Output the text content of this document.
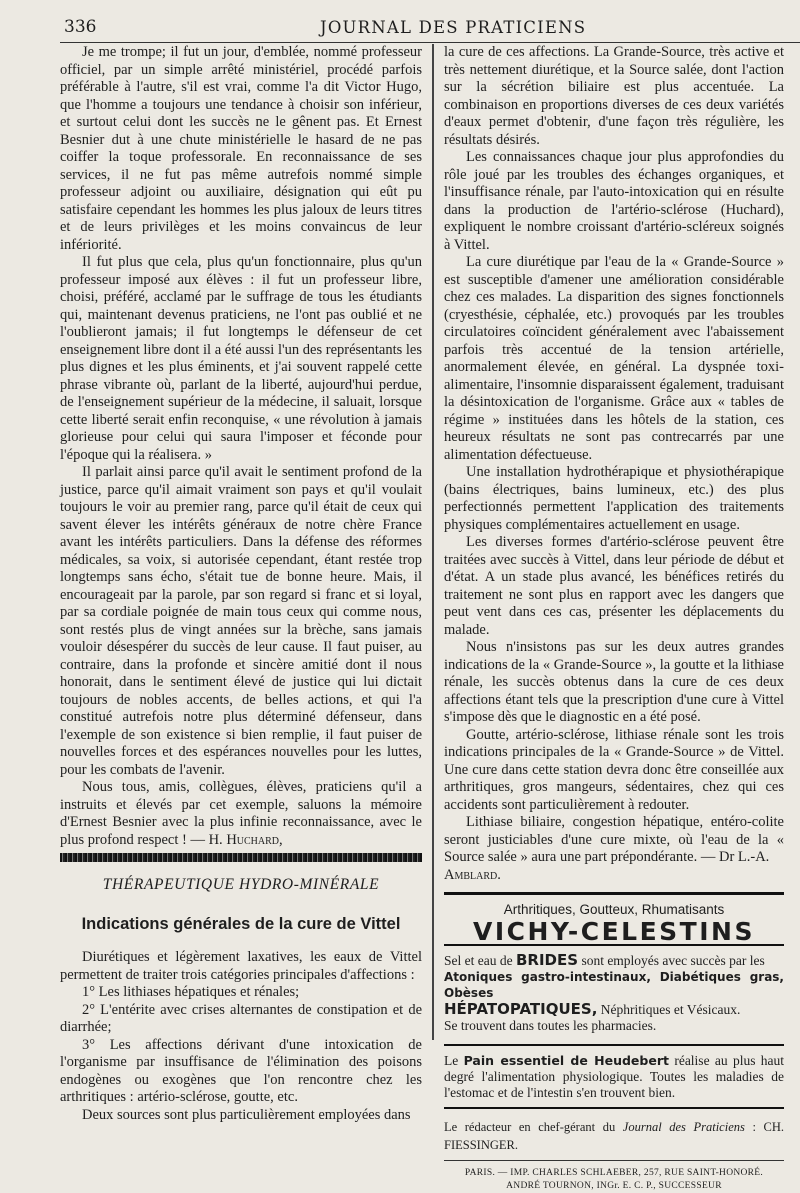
336	JOURNAL DES PRATICIENS

Je me trompe; il fut un jour, d'emblée, nommé professeur officiel, par un simple arrêté ministériel, procédé parfois préférable à l'autre, s'il est vrai, comme l'a dit Victor Hugo, que l'homme a toujours une tendance à choisir son inférieur, et surtout celui dont les succès ne le gênent pas. Et Ernest Besnier dut à une chute ministérielle le hasard de ne pas coiffer la toque professorale. En reconnaissance de ses services, il ne fut pas même autrefois nommé simple professeur adjoint ou auxiliaire, désignation qui eût pu satisfaire cependant les hommes les plus jaloux de leurs titres et de leurs privilèges et les moins convaincus de leur infériorité.

Il fut plus que cela, plus qu'un fonctionnaire, plus qu'un professeur imposé aux élèves : il fut un professeur libre, choisi, préféré, acclamé par le suffrage de tous les étudiants qui, maintenant devenus praticiens, ne l'ont pas oublié et ne l'oublieront jamais; il fut longtemps le défenseur de cet enseignement libre dont il a été aussi l'un des représentants les plus dignes et les plus éminents, et j'ai souvent rappelé cette phrase vibrante où, parlant de la liberté, aujourd'hui perdue, de l'enseignement supérieur de la médecine, il saluait, lorsque cette liberté serait enfin reconquise, « une révolution à jamais glorieuse pour celui qui saura l'imposer et féconde pour l'époque qui la réalisera. »

Il parlait ainsi parce qu'il avait le sentiment profond de la justice, parce qu'il aimait vraiment son pays et qu'il voulait toujours le voir au premier rang, parce qu'il était de ceux qui savent élever les intérêts généraux de notre chère France avant les intérêts particuliers. Dans la défense des réformes médicales, sa voix, si autorisée cependant, étant restée trop longtemps sans écho, s'était tue de bonne heure. Mais, il encourageait par la parole, par son regard si franc et si loyal, par sa cordiale poignée de main tous ceux qui comme nous, sont restés plus de vingt années sur la brèche, sans jamais vouloir désespérer du succès de leur cause. Il faut puiser, au contraire, dans la profonde et sincère amitié dont il nous honorait, dans le sentiment élevé de justice qui lui dictait toujours de nobles accents, de belles actions, et qui l'a constitué autrefois notre plus déterminé défenseur, dans l'exemple de son existence si bien remplie, il faut puiser de nouvelles forces et des espérances nouvelles pour les luttes, pour les combats de l'avenir.

Nous tous, amis, collègues, élèves, praticiens qu'il a instruits et élevés par cet exemple, saluons la mémoire d'Ernest Besnier avec la plus infinie reconnaissance, avec le plus profond respect ! — H. Huchard,

THÉRAPEUTIQUE HYDRO-MINÉRALE
Indications générales de la cure de Vittel

Diurétiques et légèrement laxatives, les eaux de Vittel permettent de traiter trois catégories principales d'affections :

1° Les lithiases hépatiques et rénales;

2° L'entérite avec crises alternantes de constipation et de diarrhée;

3° Les affections dérivant d'une intoxication de l'organisme par insuffisance de l'élimination des poisons endogènes ou exogènes que l'on rencontre chez les arthritiques : artério-sclérose, goutte, etc.

Deux sources sont plus particulièrement employées dans

la cure de ces affections. La Grande-Source, très active et très nettement diurétique, et la Source salée, dont l'action sur la sécrétion biliaire est plus accentuée. La combinaison en proportions diverses de ces deux variétés d'eaux permet d'obtenir, d'une façon très régulière, les résultats désirés.

Les connaissances chaque jour plus approfondies du rôle joué par les troubles des échanges organiques, et l'insuffisance rénale, par l'auto-intoxication qui en résulte dans la production de l'artério-sclérose (Huchard), expliquent le nombre croissant d'artério-scléreux soignés à Vittel.

La cure diurétique par l'eau de la « Grande-Source » est susceptible d'amener une amélioration considérable chez ces malades. La disparition des signes fonctionnels (cryesthésie, céphalée, etc.) provoqués par les troubles circulatoires coïncident généralement avec l'abaissement parfois très accentué de la tension artérielle, anormalement élevée, en général. La dyspnée toxi-alimentaire, l'insomnie disparaissent également, traduisant la désintoxication de l'organisme. Grâce aux « tables de régime » instituées dans les hôtels de la station, ces heureux résultats ne sont pas contrecarrés par une alimentation défectueuse.

Une installation hydrothérapique et physiothérapique (bains électriques, bains lumineux, etc.) des plus perfectionnés permettent l'application des traitements physiques complémentaires actuellement en usage.

Les diverses formes d'artério-sclérose peuvent être traitées avec succès à Vittel, dans leur période de début et d'état. A un stade plus avancé, les bénéfices retirés du traitement ne sont plus en rapport avec les dangers que peut vent dans ces cas, présenter les déplacements du malade.

Nous n'insistons pas sur les deux autres grandes indications de la « Grande-Source », la goutte et la lithiase rénale, les succès obtenus dans la cure de ces deux affections étant tels que la prescription d'une cure à Vittel s'impose dès que le diagnostic en a été posé.

Goutte, artério-sclérose, lithiase rénale sont les trois indications principales de la « Grande-Source » de Vittel. Une cure dans cette station devra donc être conseillée aux arthritiques, gros mangeurs, sédentaires, chez qui ces accidents sont particulièrement à redouter.

Lithiase biliaire, congestion hépatique, entéro-colite seront justiciables d'une cure mixte, où l'eau de la « Source salée » aura une part prépondérante. — Dr L.-A.
Amblard.

Arthritiques, Goutteux, Rhumatisants
VICHY-CELESTINS

Sel et eau de BRIDES sont employés avec succès par les
Atoniques gastro-intestinaux, Diabétiques gras, Obèses
HÉPATOPATIQUES, Néphritiques et Vésicaux.
Se trouvent dans toutes les pharmacies.

Le Pain essentiel de Heudebert réalise au plus haut degré l'alimentation physiologique. Toutes les maladies de l'estomac et de l'intestin s'en trouvent bien.
Le rédacteur en chef-gérant du Journal des Praticiens : CH. FIESSINGER.
PARIS. — IMP. CHARLES SCHLAEBER, 257, RUE SAINT-HONORÉ.
ANDRÉ TOURNON, INGr. E. C. P., SUCCESSEUR
